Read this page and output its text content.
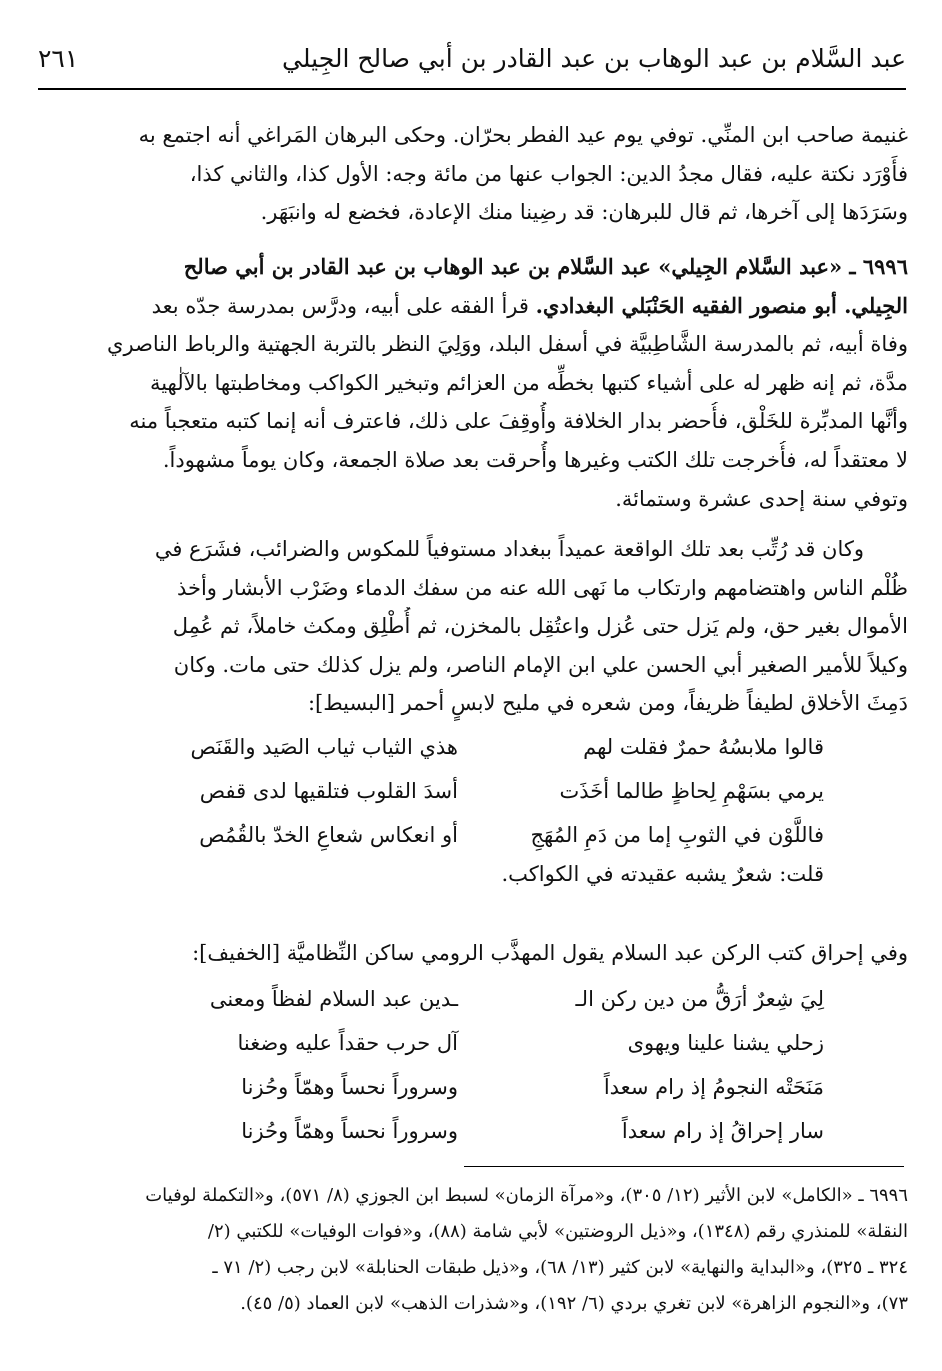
عبد السَّلام بن عبد الوهاب بن عبد القادر بن أبي صالح الجِيلي
٢٦١
غنيمة صاحب ابن المنِّي. توفي يوم عيد الفطر بحرّان. وحكى البرهان المَراغي أنه اجتمع به
فأَوْرَد نكتة عليه، فقال مجدُ الدين: الجواب عنها من مائة وجه: الأول كذا، والثاني كذا،
وسَرَدَها إلى آخرها، ثم قال للبرهان: قد رضِينا منك الإعادة، فخضع له وانبَهَر.
٦٩٩٦ ـ «عبد السَّلام الجِيلي» عبد السَّلام بن عبد الوهاب بن عبد القادر بن أبي صالح
الجِيلي. أبو منصور الفقيه الحَنْبَلي البغدادي. قرأ الفقه على أبيه، ودرَّس بمدرسة جدّه بعد
وفاة أبيه، ثم بالمدرسة الشَّاطِبيَّة في أسفل البلد، ووَلِيَ النظر بالتربة الجهتية والرباط الناصري
مدَّة، ثم إنه ظهر له على أشياء كتبها بخطِّه من العزائم وتبخير الكواكب ومخاطبتها بالآلٰهية
وأنَّها المدبِّرة للخَلْق، فأُحضر بدار الخلافة وأُوقِفَ على ذلك، فاعترف أنه إنما كتبه متعجباً منه
لا معتقداً له، فأُخرجت تلك الكتب وغيرها وأُحرقت بعد صلاة الجمعة، وكان يوماً مشهوداً.
وتوفي سنة إحدى عشرة وستمائة.
وكان قد رُتِّب بعد تلك الواقعة عميداً ببغداد مستوفياً للمكوس والضرائب، فشَرَع في
ظُلْم الناس واهتضامهم وارتكاب ما نَهى الله عنه من سفك الدماء وضَرْب الأبشار وأخذ
الأموال بغير حق، ولم يَزل حتى عُزل واعتُقِل بالمخزن، ثم أُطْلِق ومكث خاملاً، ثم عُمِل
وكيلاً للأمير الصغير أبي الحسن علي ابن الإمام الناصر، ولم يزل كذلك حتى مات. وكان
دَمِثَ الأخلاق لطيفاً ظريفاً، ومن شعره في مليح لابسٍ أحمر [البسيط]:
قالوا ملابسُهُ حمرٌ فقلت لهم
هذي الثياب ثياب الصَيد والقَنَص
يرمي بسَهْمِ لِحاظٍ طالما أخَذَت
أسدَ القلوب فتلقيها لدى قفص
فاللَّوْن في الثوبِ إما من دَمِ المُهَجِ
أو انعكاس شعاعِ الخدّ بالقُمُص
قلت: شعرٌ يشبه عقيدته في الكواكب.
وفي إحراق كتب الركن عبد السلام يقول المهذَّب الرومي ساكن النِّظاميَّة [الخفيف]:
لِيَ شِعرٌ أرَقُّ من دين ركن الـ
ـدين عبد السلام لفظاً ومعنى
زحلي يشنا علينا ويهوى
آل حرب حقداً عليه وضغنا
مَنَحَتْه النجومُ إذ رام سعداً
وسروراً نحساً وهمّاً وحُزنا
سار إحراقُ إذ رام سعداً
وسروراً نحساً وهمّاً وحُزنا
٦٩٩٦ ـ «الكامل» لابن الأثير (١٢/ ٣٠٥)، و«مرآة الزمان» لسبط ابن الجوزي (٨/ ٥٧١)، و«التكملة لوفيات
النقلة» للمنذري رقم (١٣٤٨)، و«ذيل الروضتين» لأبي شامة (٨٨)، و«فوات الوفيات» للكتبي (٢/
٣٢٤ ـ ٣٢٥)، و«البداية والنهاية» لابن كثير (١٣/ ٦٨)، و«ذيل طبقات الحنابلة» لابن رجب (٢/ ٧١ ـ
٧٣)، و«النجوم الزاهرة» لابن تغري بردي (٦/ ١٩٢)، و«شذرات الذهب» لابن العماد (٥/ ٤٥).
